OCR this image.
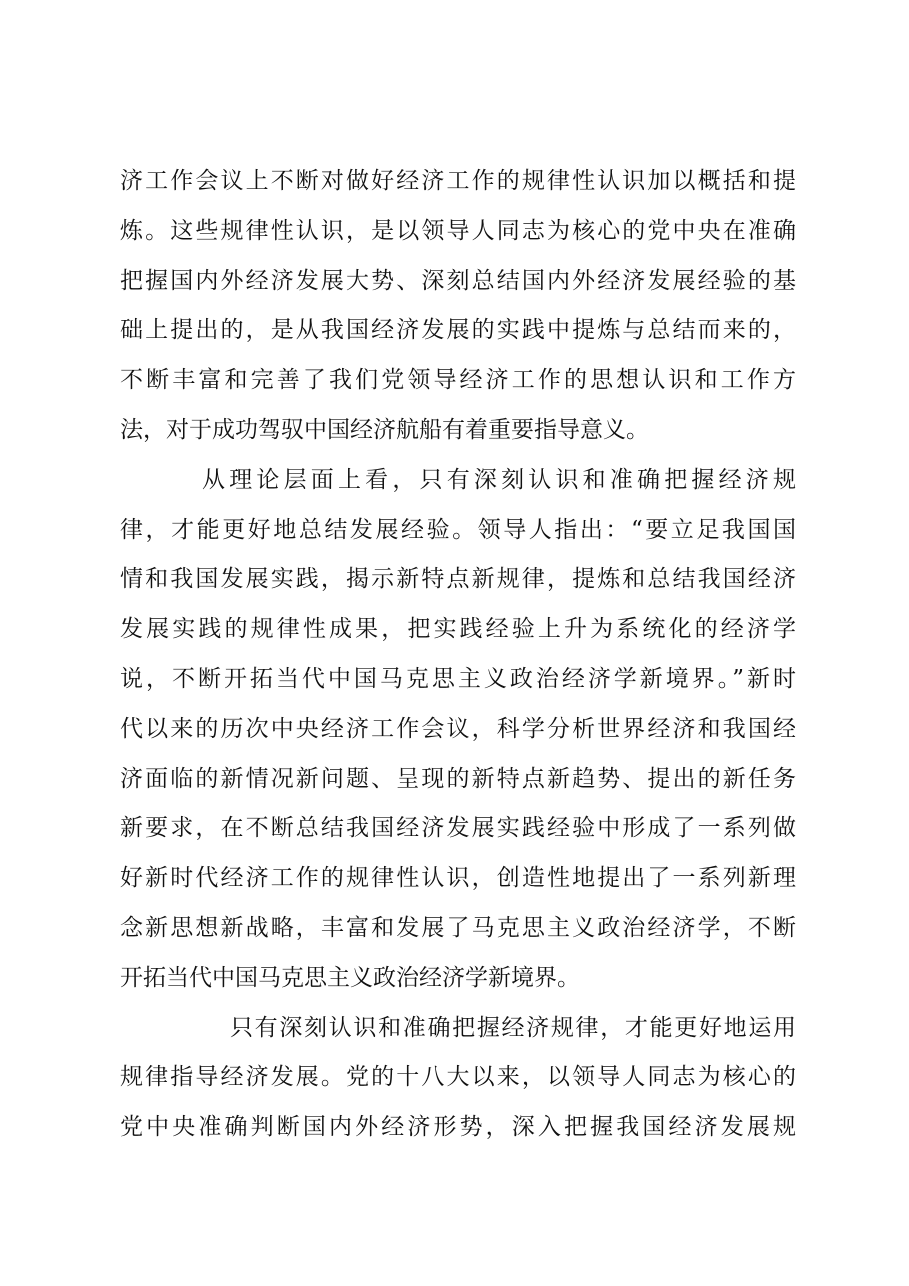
济工作会议上不断对做好经济工作的规律性认识加以概括和提
炼。这些规律性认识，是以领导人同志为核心的党中央在准确
把握国内外经济发展大势、深刻总结国内外经济发展经验的基
础上提出的，是从我国经济发展的实践中提炼与总结而来的，
不断丰富和完善了我们党领导经济工作的思想认识和工作方
法，对于成功驾驭中国经济航船有着重要指导意义。
从理论层面上看，只有深刻认识和准确把握经济规
律，才能更好地总结发展经验。领导人指出：“要立足我国国
情和我国发展实践，揭示新特点新规律，提炼和总结我国经济
发展实践的规律性成果，把实践经验上升为系统化的经济学
说，不断开拓当代中国马克思主义政治经济学新境界。”新时
代以来的历次中央经济工作会议，科学分析世界经济和我国经
济面临的新情况新问题、呈现的新特点新趋势、提出的新任务
新要求，在不断总结我国经济发展实践经验中形成了一系列做
好新时代经济工作的规律性认识，创造性地提出了一系列新理
念新思想新战略，丰富和发展了马克思主义政治经济学，不断
开拓当代中国马克思主义政治经济学新境界。
只有深刻认识和准确把握经济规律，才能更好地运用
规律指导经济发展。党的十八大以来，以领导人同志为核心的
党中央准确判断国内外经济形势，深入把握我国经济发展规
